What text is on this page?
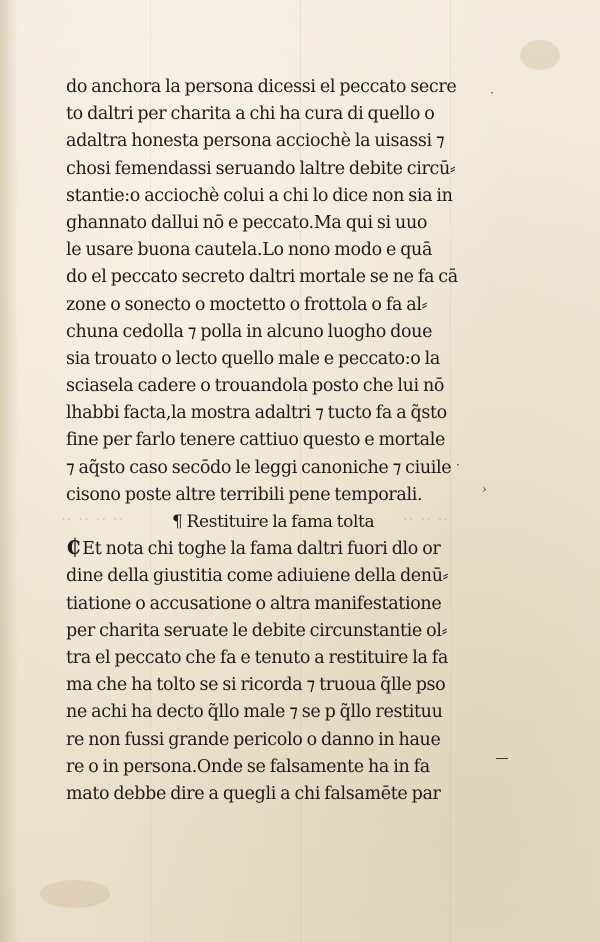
·· ·· ·· ··	·· ·· ··
do anchora la persona dicessi el peccato secre
to daltri per charita a chi ha cura di quello o
adaltra honesta persona acciochè la uisassi ⁊
chosi femendassi seruando laltre debite circū⸗
stantie:o acciochè colui a chi lo dice non sia in
ghannato dallui nō e peccato.Ma qui si uuo
le usare buona cautela.Lo nono modo e quā
do el peccato secreto daltri mortale se ne fa cā
zone o sonecto o moctetto o frottola o fa al⸗
chuna cedolla ⁊ polla in alcuno luogho doue
sia trouato o lecto quello male e peccato:o la
sciasela cadere o trouandola posto che lui nō
lhabbi facta,la mostra adaltri ⁊ tucto fa a q̃sto
fine per farlo tenere cattiuo questo e mortale
⁊ aq̃sto caso secōdo le leggi canoniche ⁊ ciuile
cisono poste altre terribili pene temporali.
¶ Restituire la fama tolta
₵ Et nota chi toghe la fama daltri fuori dlo or
dine della giustitia come adiuiene della denū⸗
tiatione o accusatione o altra manifestatione
per charita seruate le debite circunstantie ol⸗
tra el peccato che fa e tenuto a restituire la fa
ma che ha tolto se si ricorda ⁊ truoua q̃lle pso
ne achi ha decto q̃llo male ⁊ se p q̃llo restituu
re non fussi grande pericolo o danno in haue
re o in persona.Onde se falsamente ha in fa
mato debbe dire a quegli a chi falsamēte par
·
›
·
